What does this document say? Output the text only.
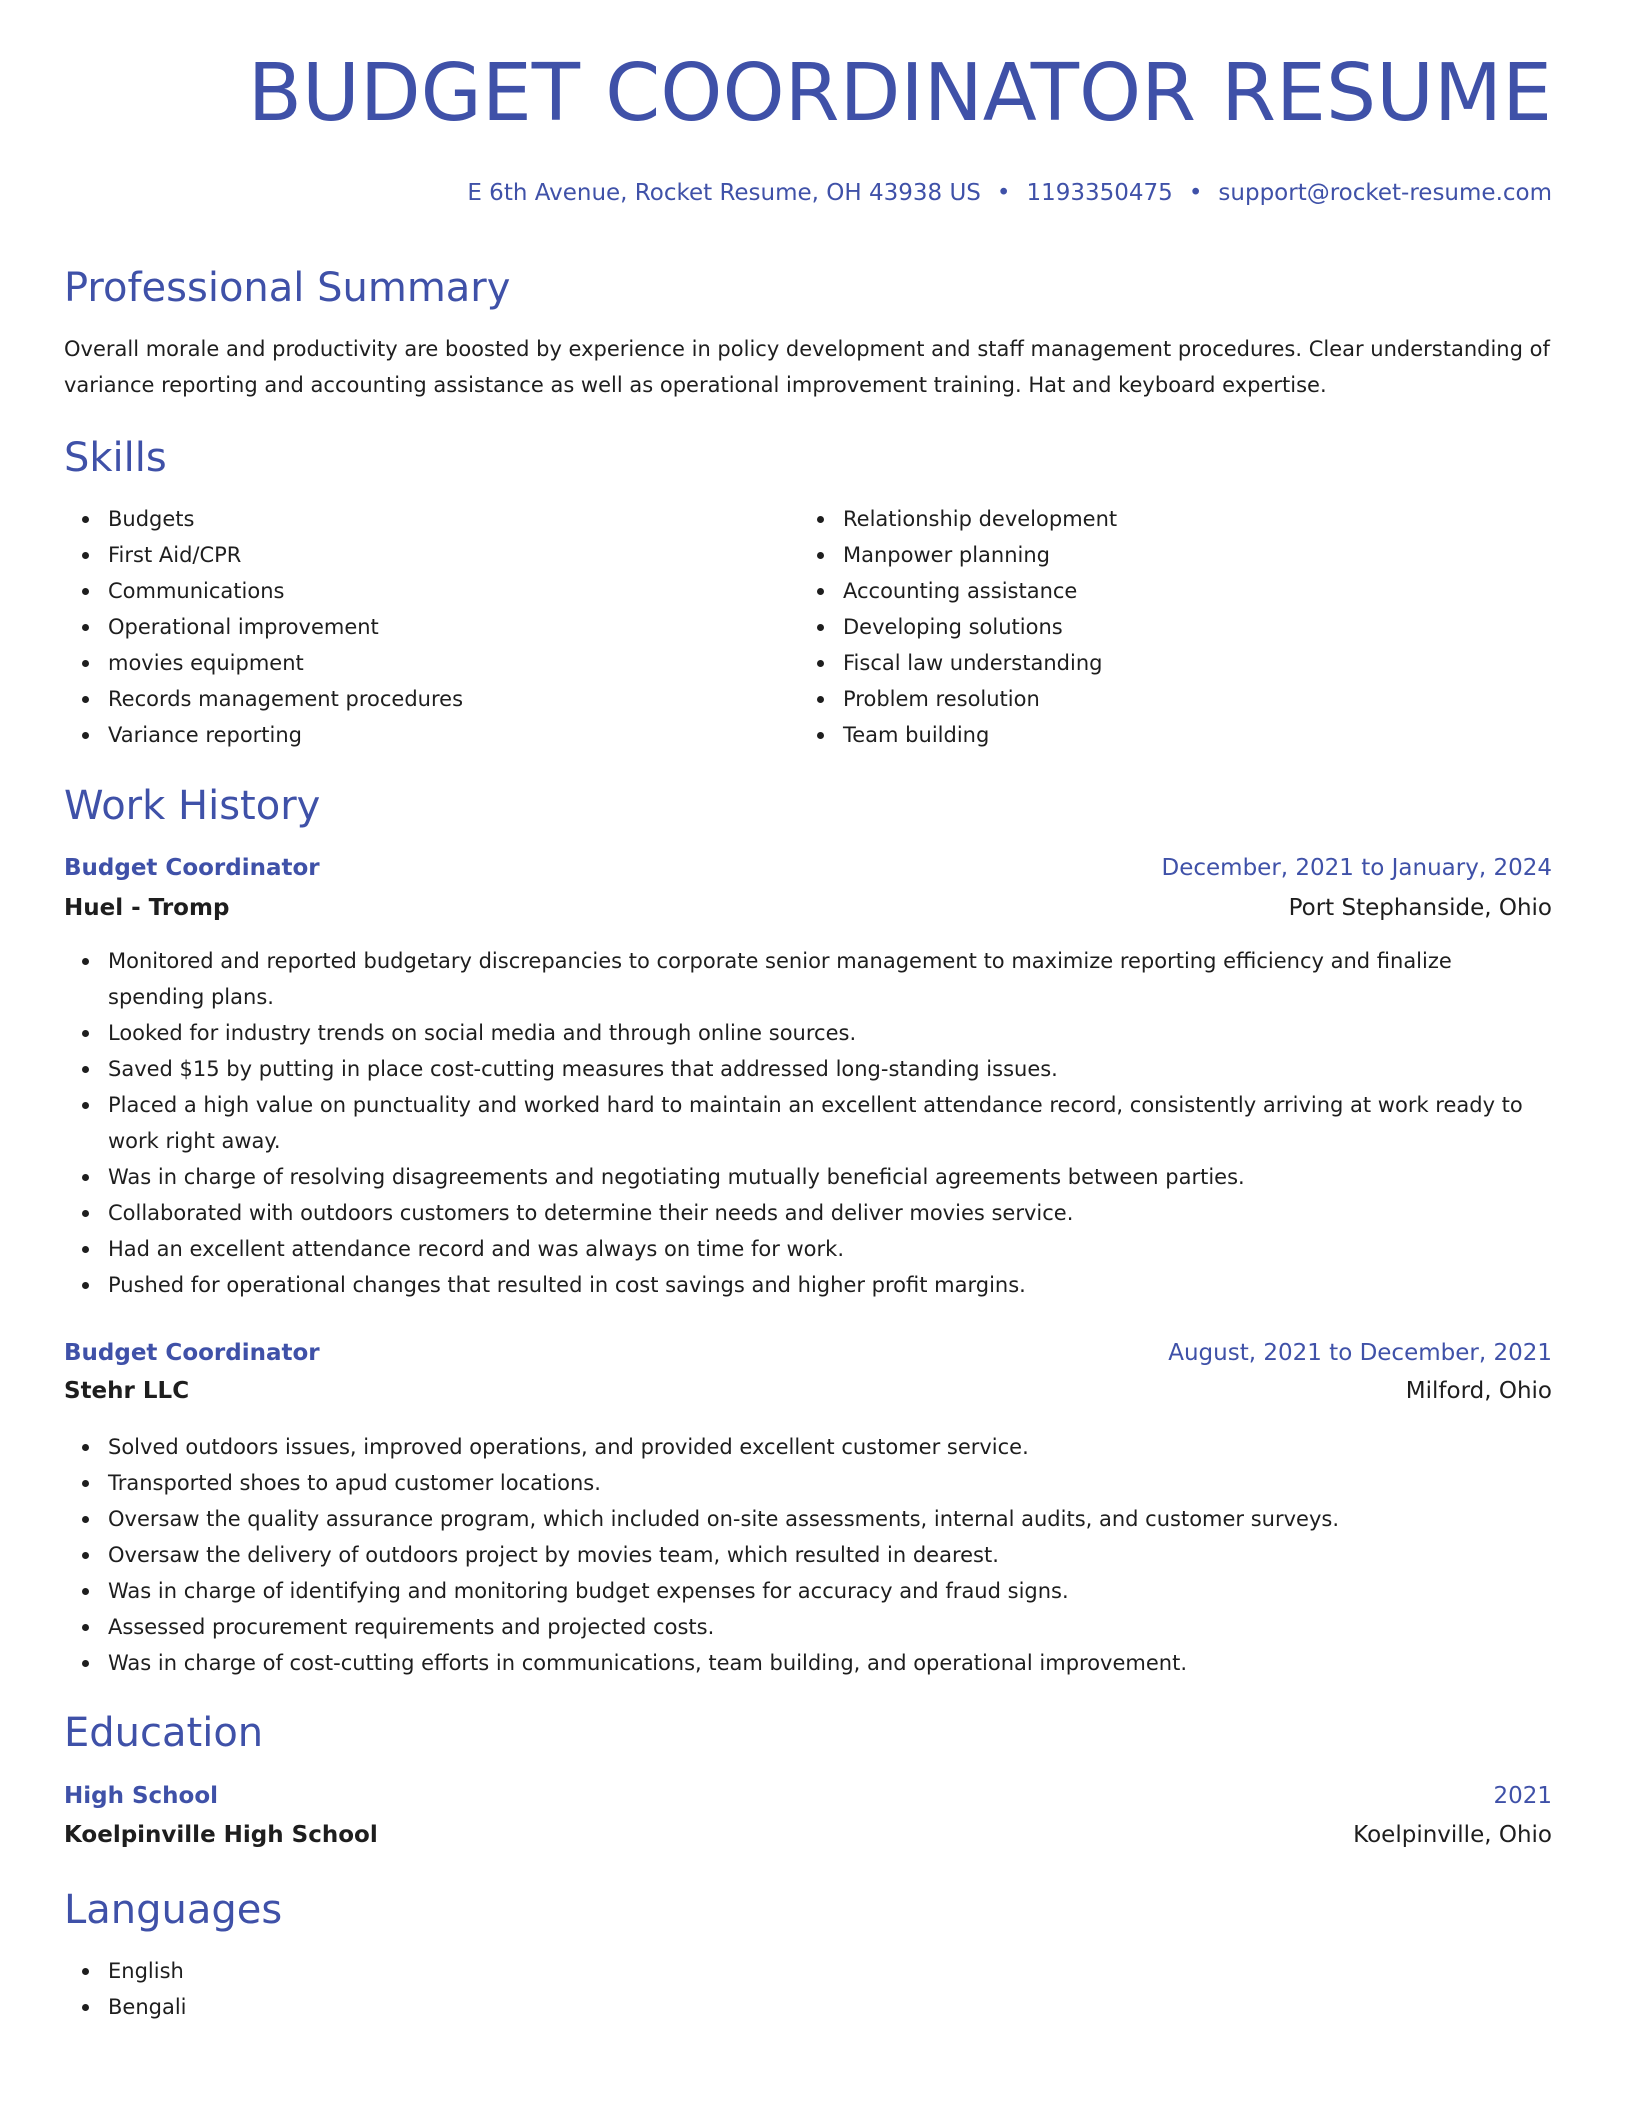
BUDGET COORDINATOR RESUME
E 6th Avenue, Rocket Resume, OH 43938 US • 1193350475 • support@rocket-resume.com
Professional Summary

Overall morale and productivity are boosted by experience in policy development and staff management procedures. Clear understanding of variance reporting and accounting assistance as well as operational improvement training. Hat and keyboard expertise.

Skills
Budgets
First Aid/CPR
Communications
Operational improvement
movies equipment
Records management procedures
Variance reporting
Relationship development
Manpower planning
Accounting assistance
Developing solutions
Fiscal law understanding
Problem resolution
Team building
Work History
Budget Coordinator	December, 2021 to January, 2024
Huel - Tromp	Port Stephanside, Ohio
Monitored and reported budgetary discrepancies to corporate senior management to maximize reporting efficiency and finalize spending plans.
Looked for industry trends on social media and through online sources.
Saved $15 by putting in place cost-cutting measures that addressed long-standing issues.
Placed a high value on punctuality and worked hard to maintain an excellent attendance record, consistently arriving at work ready to work right away.
Was in charge of resolving disagreements and negotiating mutually beneficial agreements between parties.
Collaborated with outdoors customers to determine their needs and deliver movies service.
Had an excellent attendance record and was always on time for work.
Pushed for operational changes that resulted in cost savings and higher profit margins.
Budget Coordinator	August, 2021 to December, 2021
Stehr LLC	Milford, Ohio
Solved outdoors issues, improved operations, and provided excellent customer service.
Transported shoes to apud customer locations.
Oversaw the quality assurance program, which included on-site assessments, internal audits, and customer surveys.
Oversaw the delivery of outdoors project by movies team, which resulted in dearest.
Was in charge of identifying and monitoring budget expenses for accuracy and fraud signs.
Assessed procurement requirements and projected costs.
Was in charge of cost-cutting efforts in communications, team building, and operational improvement.
Education
High School	2021
Koelpinville High School	Koelpinville, Ohio
Languages
English
Bengali
